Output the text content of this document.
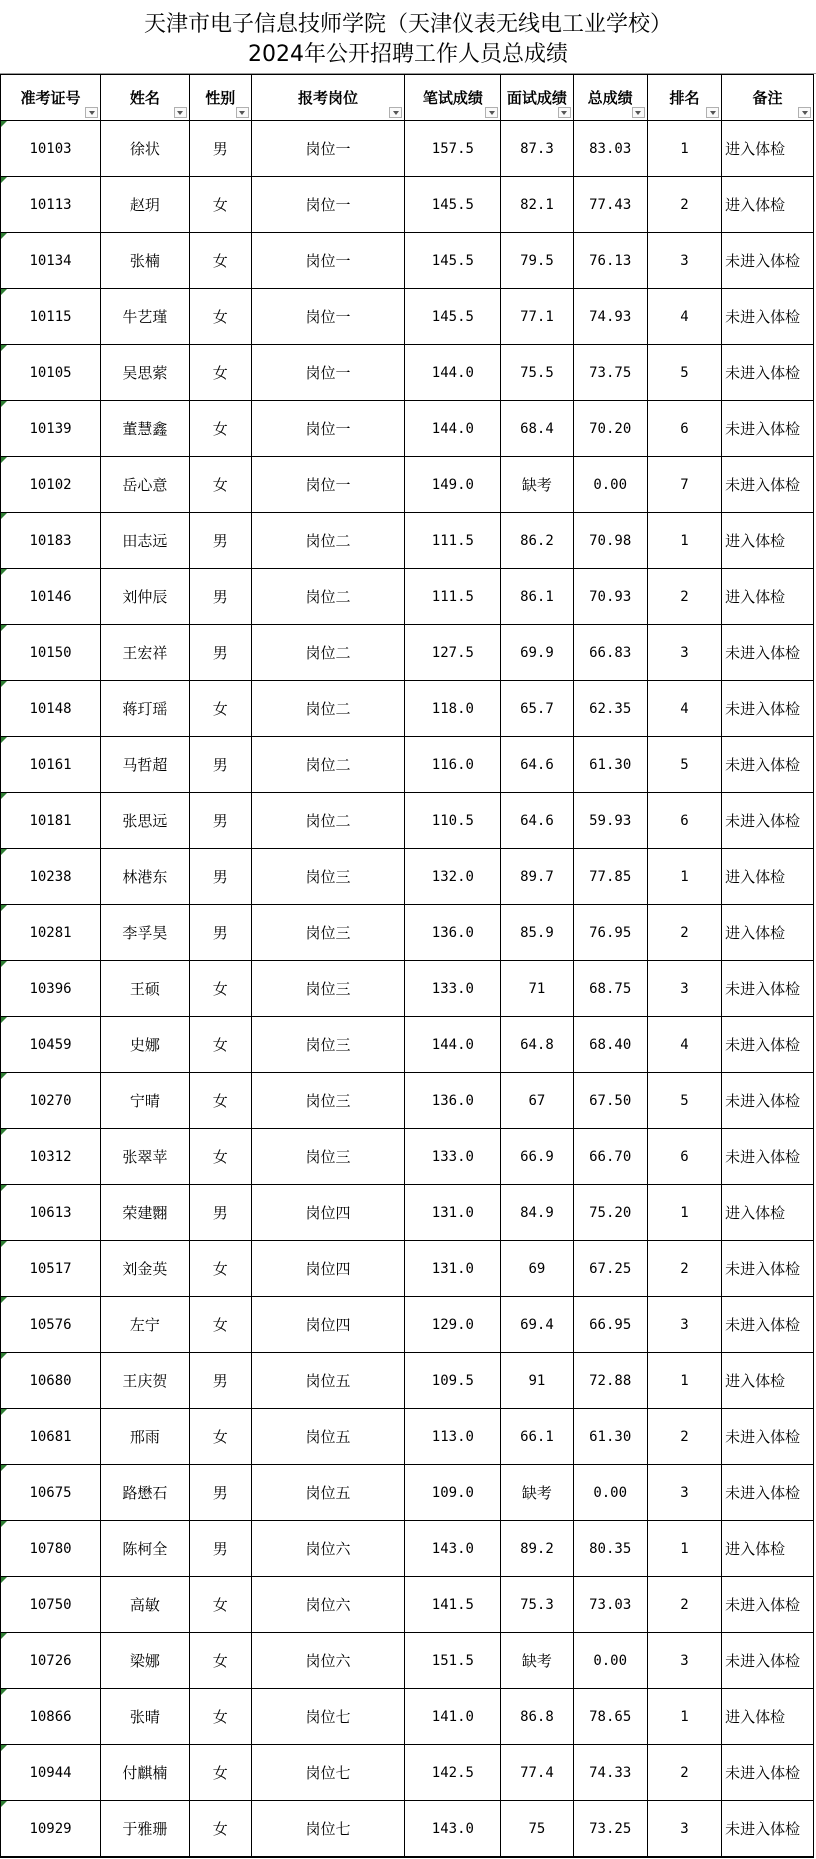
天津市电子信息技师学院（天津仪表无线电工业学校）
2024年公开招聘工作人员总成绩
准考证号	姓名	性别	报考岗位	笔试成绩	面试成绩	总成绩	排名	备注

10103	徐状	男	岗位一	157.5	87.3	83.03	1	进入体检

10113	赵玥	女	岗位一	145.5	82.1	77.43	2	进入体检

10134	张楠	女	岗位一	145.5	79.5	76.13	3	未进入体检

10115	牛艺瑾	女	岗位一	145.5	77.1	74.93	4	未进入体检

10105	吴思萦	女	岗位一	144.0	75.5	73.75	5	未进入体检

10139	董慧鑫	女	岗位一	144.0	68.4	70.20	6	未进入体检

10102	岳心意	女	岗位一	149.0	缺考	0.00	7	未进入体检

10183	田志远	男	岗位二	111.5	86.2	70.98	1	进入体检

10146	刘仲辰	男	岗位二	111.5	86.1	70.93	2	进入体检

10150	王宏祥	男	岗位二	127.5	69.9	66.83	3	未进入体检

10148	蒋玎瑶	女	岗位二	118.0	65.7	62.35	4	未进入体检

10161	马哲超	男	岗位二	116.0	64.6	61.30	5	未进入体检

10181	张思远	男	岗位二	110.5	64.6	59.93	6	未进入体检

10238	林港东	男	岗位三	132.0	89.7	77.85	1	进入体检

10281	李孚昊	男	岗位三	136.0	85.9	76.95	2	进入体检

10396	王硕	女	岗位三	133.0	71	68.75	3	未进入体检

10459	史娜	女	岗位三	144.0	64.8	68.40	4	未进入体检

10270	宁晴	女	岗位三	136.0	67	67.50	5	未进入体检

10312	张翠苹	女	岗位三	133.0	66.9	66.70	6	未进入体检

10613	荣建翾	男	岗位四	131.0	84.9	75.20	1	进入体检

10517	刘金英	女	岗位四	131.0	69	67.25	2	未进入体检

10576	左宁	女	岗位四	129.0	69.4	66.95	3	未进入体检

10680	王庆贺	男	岗位五	109.5	91	72.88	1	进入体检

10681	邢雨	女	岗位五	113.0	66.1	61.30	2	未进入体检

10675	路懋石	男	岗位五	109.0	缺考	0.00	3	未进入体检

10780	陈柯全	男	岗位六	143.0	89.2	80.35	1	进入体检

10750	高敏	女	岗位六	141.5	75.3	73.03	2	未进入体检

10726	梁娜	女	岗位六	151.5	缺考	0.00	3	未进入体检

10866	张晴	女	岗位七	141.0	86.8	78.65	1	进入体检

10944	付麒楠	女	岗位七	142.5	77.4	74.33	2	未进入体检

10929	于雅珊	女	岗位七	143.0	75	73.25	3	未进入体检
